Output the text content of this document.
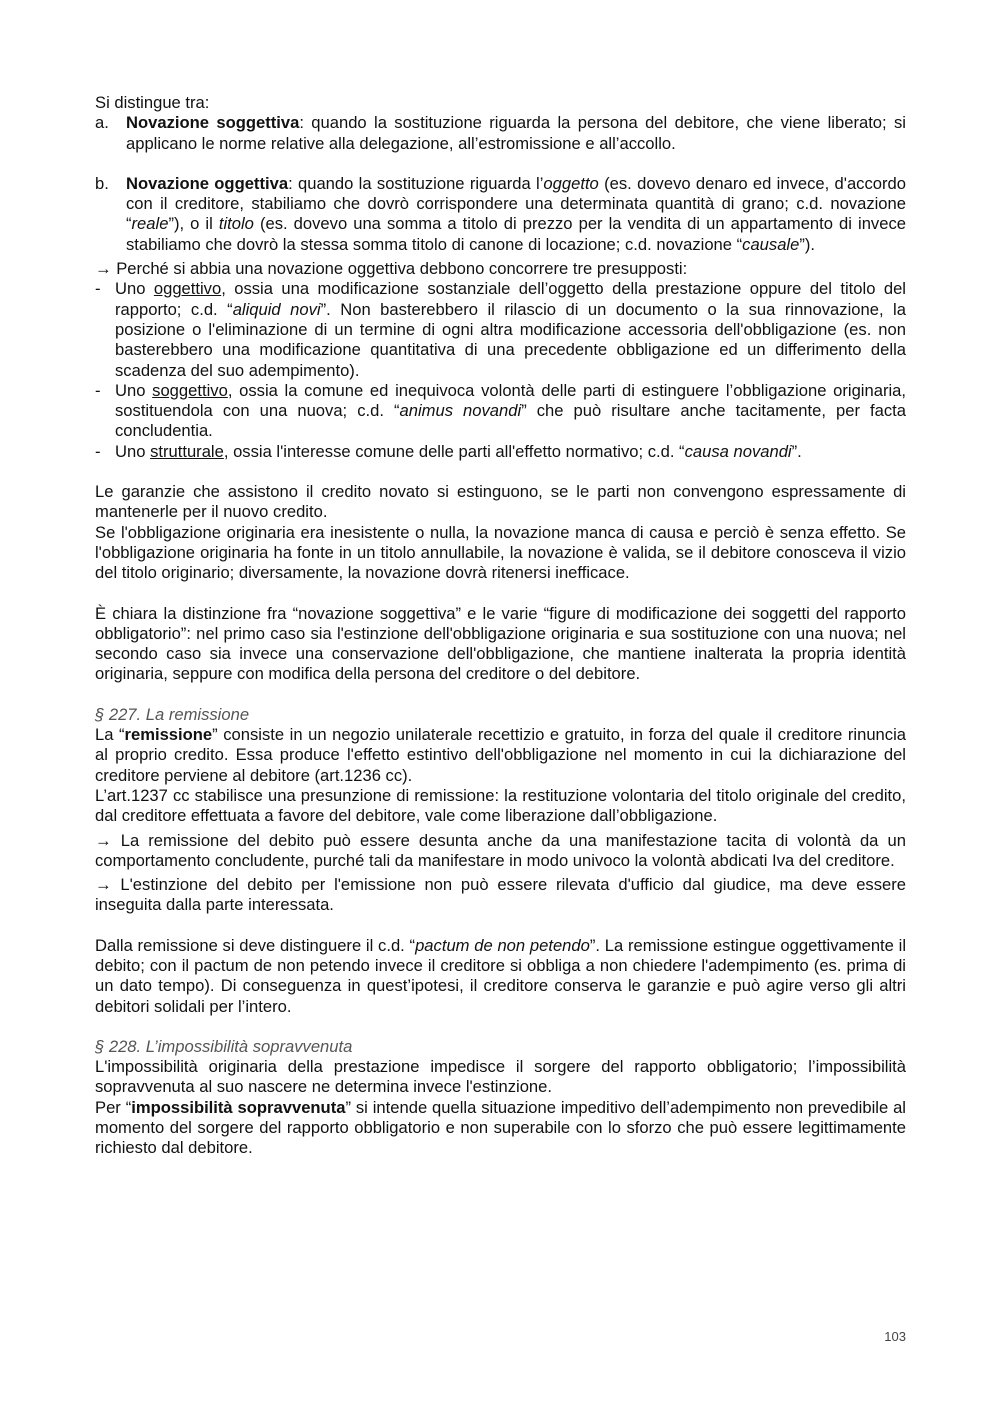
Si distingue tra:

a. Novazione soggettiva: quando la sostituzione riguarda la persona del debitore, che viene liberato; si applicano le norme relative alla delegazione, all’estromissione e all’accollo.
b. Novazione oggettiva: quando la sostituzione riguarda l’oggetto (es. dovevo denaro ed invece, d'accordo con il creditore, stabiliamo che dovrò corrispondere una determinata quantità di grano; c.d. novazione “reale”), o il titolo (es. dovevo una somma a titolo di prezzo per la vendita di un appartamento di invece stabiliamo che dovrò la stessa somma titolo di canone di locazione; c.d. novazione “causale”).

→ Perché si abbia una novazione oggettiva debbono concorrere tre presupposti:

- Uno oggettivo, ossia una modificazione sostanziale dell’oggetto della prestazione oppure del titolo del rapporto; c.d. “aliquid novi”. Non basterebbero il rilascio di un documento o la sua rinnovazione, la posizione o l'eliminazione di un termine di ogni altra modificazione accessoria dell'obbligazione (es. non basterebbero una modificazione quantitativa di una precedente obbligazione ed un differimento della scadenza del suo adempimento).
- Uno soggettivo, ossia la comune ed inequivoca volontà delle parti di estinguere l’obbligazione originaria, sostituendola con una nuova; c.d. “animus novandi” che può risultare anche tacitamente, per facta concludentia.
- Uno strutturale, ossia l'interesse comune delle parti all'effetto normativo; c.d. “causa novandi”.

Le garanzie che assistono il credito novato si estinguono, se le parti non convengono espressamente di mantenerle per il nuovo credito.

Se l'obbligazione originaria era inesistente o nulla, la novazione manca di causa e perciò è senza effetto. Se l'obbligazione originaria ha fonte in un titolo annullabile, la novazione è valida, se il debitore conosceva il vizio del titolo originario; diversamente, la novazione dovrà ritenersi inefficace.

È chiara la distinzione fra “novazione soggettiva” e le varie “figure di modificazione dei soggetti del rapporto obbligatorio”: nel primo caso sia l'estinzione dell'obbligazione originaria e sua sostituzione con una nuova; nel secondo caso sia invece una conservazione dell'obbligazione, che mantiene inalterata la propria identità originaria, seppure con modifica della persona del creditore o del debitore.

§ 227. La remissione

La “remissione” consiste in un negozio unilaterale recettizio e gratuito, in forza del quale il creditore rinuncia al proprio credito. Essa produce l'effetto estintivo dell'obbligazione nel momento in cui la dichiarazione del creditore perviene al debitore (art.1236 cc).

L’art.1237 cc stabilisce una presunzione di remissione: la restituzione volontaria del titolo originale del credito, dal creditore effettuata a favore del debitore, vale come liberazione dall’obbligazione.

→ La remissione del debito può essere desunta anche da una manifestazione tacita di volontà da un comportamento concludente, purché tali da manifestare in modo univoco la volontà abdicati Iva del creditore.

→ L'estinzione del debito per l'emissione non può essere rilevata d'ufficio dal giudice, ma deve essere inseguita dalla parte interessata.

Dalla remissione si deve distinguere il c.d. “pactum de non petendo”. La remissione estingue oggettivamente il debito; con il pactum de non petendo invece il creditore si obbliga a non chiedere l'adempimento (es. prima di un dato tempo). Di conseguenza in quest’ipotesi, il creditore conserva le garanzie e può agire verso gli altri debitori solidali per l’intero.

§ 228. L’impossibilità sopravvenuta

L'impossibilità originaria della prestazione impedisce il sorgere del rapporto obbligatorio; l’impossibilità sopravvenuta al suo nascere ne determina invece l'estinzione.

Per “impossibilità sopravvenuta” si intende quella situazione impeditivo dell’adempimento non prevedibile al momento del sorgere del rapporto obbligatorio e non superabile con lo sforzo che può essere legittimamente richiesto dal debitore.

103
